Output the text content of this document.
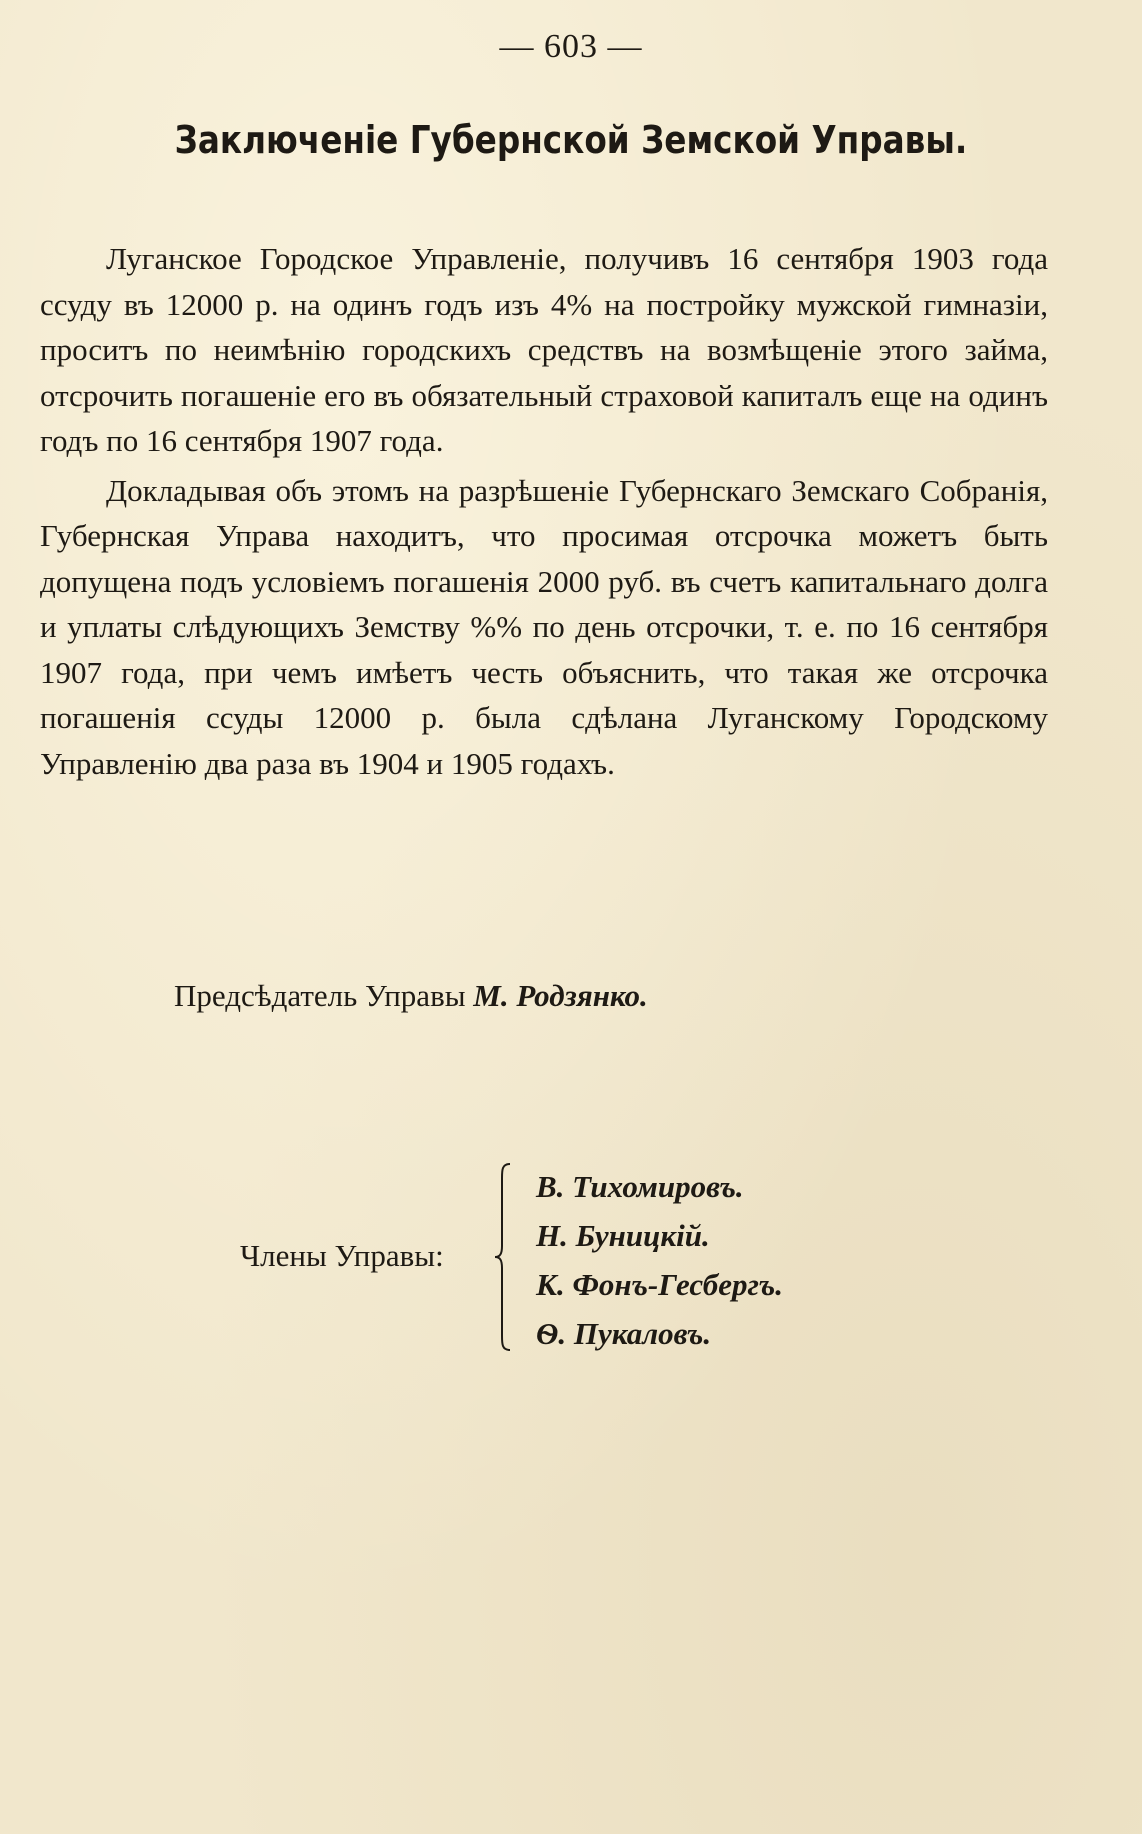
— 603 —
Заключеніе Губернской Земской Управы.

Луганское Городское Управленіе, получивъ 16 сентября 1903 года ссуду въ 12000 р. на одинъ годъ изъ 4% на постройку мужской гимназіи, проситъ по неимѣнію городскихъ средствъ на возмѣщеніе этого займа, отсрочить погашеніе его въ обязательный страховой капиталъ еще на одинъ годъ по 16 сентября 1907 года.

Докладывая объ этомъ на разрѣшеніе Губернскаго Земскаго Собранія, Губернская Управа находитъ, что просимая отсрочка можетъ быть допущена подъ условіемъ погашенія 2000 руб. въ счетъ капитальнаго долга и уплаты слѣдующихъ Земству %% по день отсрочки, т. е. по 16 сентября 1907 года, при чемъ имѣетъ честь объяснить, что такая же отсрочка погашенія ссуды 12000 р. была сдѣлана Луганскому Городскому Управленію два раза въ 1904 и 1905 годахъ.

Предсѣдатель Управы М. Родзянко.
Члены Управы:
В. Тихомировъ.
Н. Буницкій.
К. Фонъ-Гесбергъ.
Ѳ. Пукаловъ.
